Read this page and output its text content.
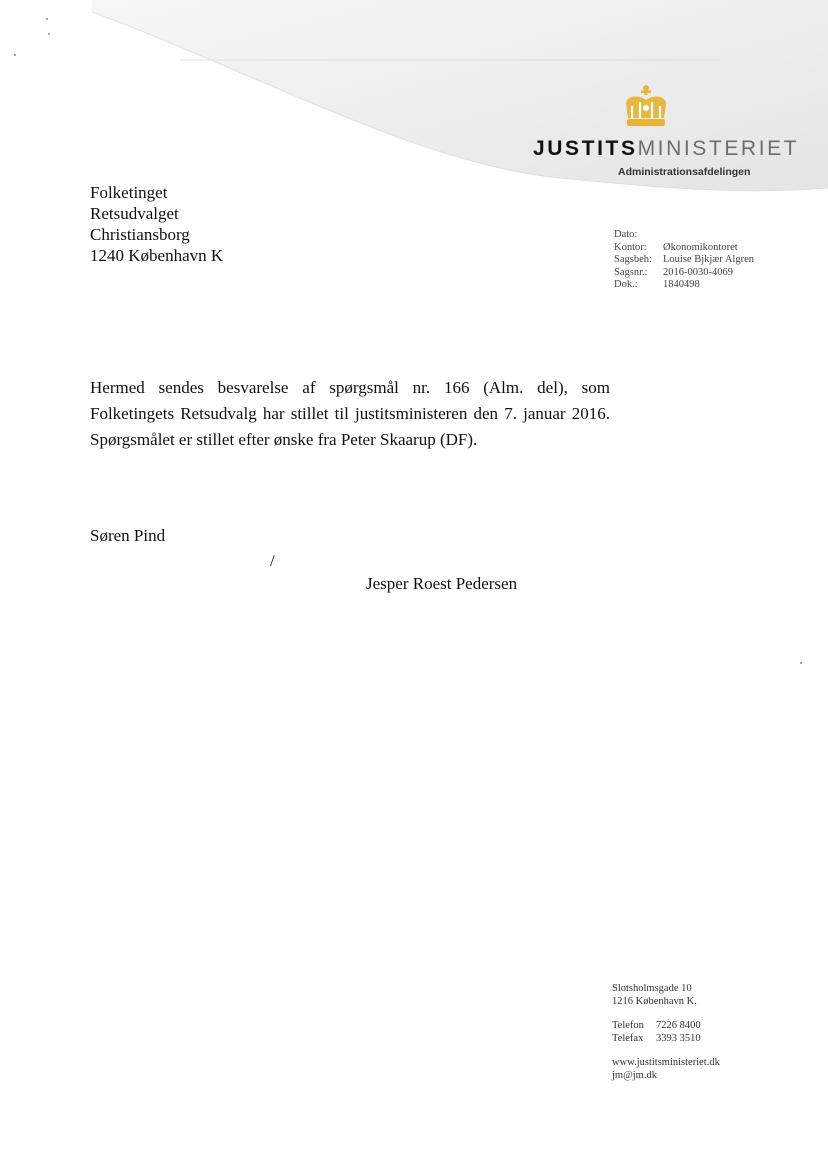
JUSTITSMINISTERIET
Administrationsafdelingen
Folketinget
Retsudvalget
Christiansborg
1240 København K
Dato:	
Kontor:	Økonomikontoret
Sagsbeh:	Louise Bjkjær Algren
Sagsnr.:	2016-0030-4069
Dok.:	1840498
Hermed sendes besvarelse af spørgsmål nr. 166 (Alm. del), som Folketingets Retsudvalg har stillet til justitsministeren den 7. januar 2016. Spørgsmålet er stillet efter ønske fra Peter Skaarup (DF).
Søren Pind
/
Jesper Roest Pedersen
Slotsholmsgade 10
1216 København K.
Telefon 7226 8400
Telefax 3393 3510
www.justitsministeriet.dk
jm@jm.dk
